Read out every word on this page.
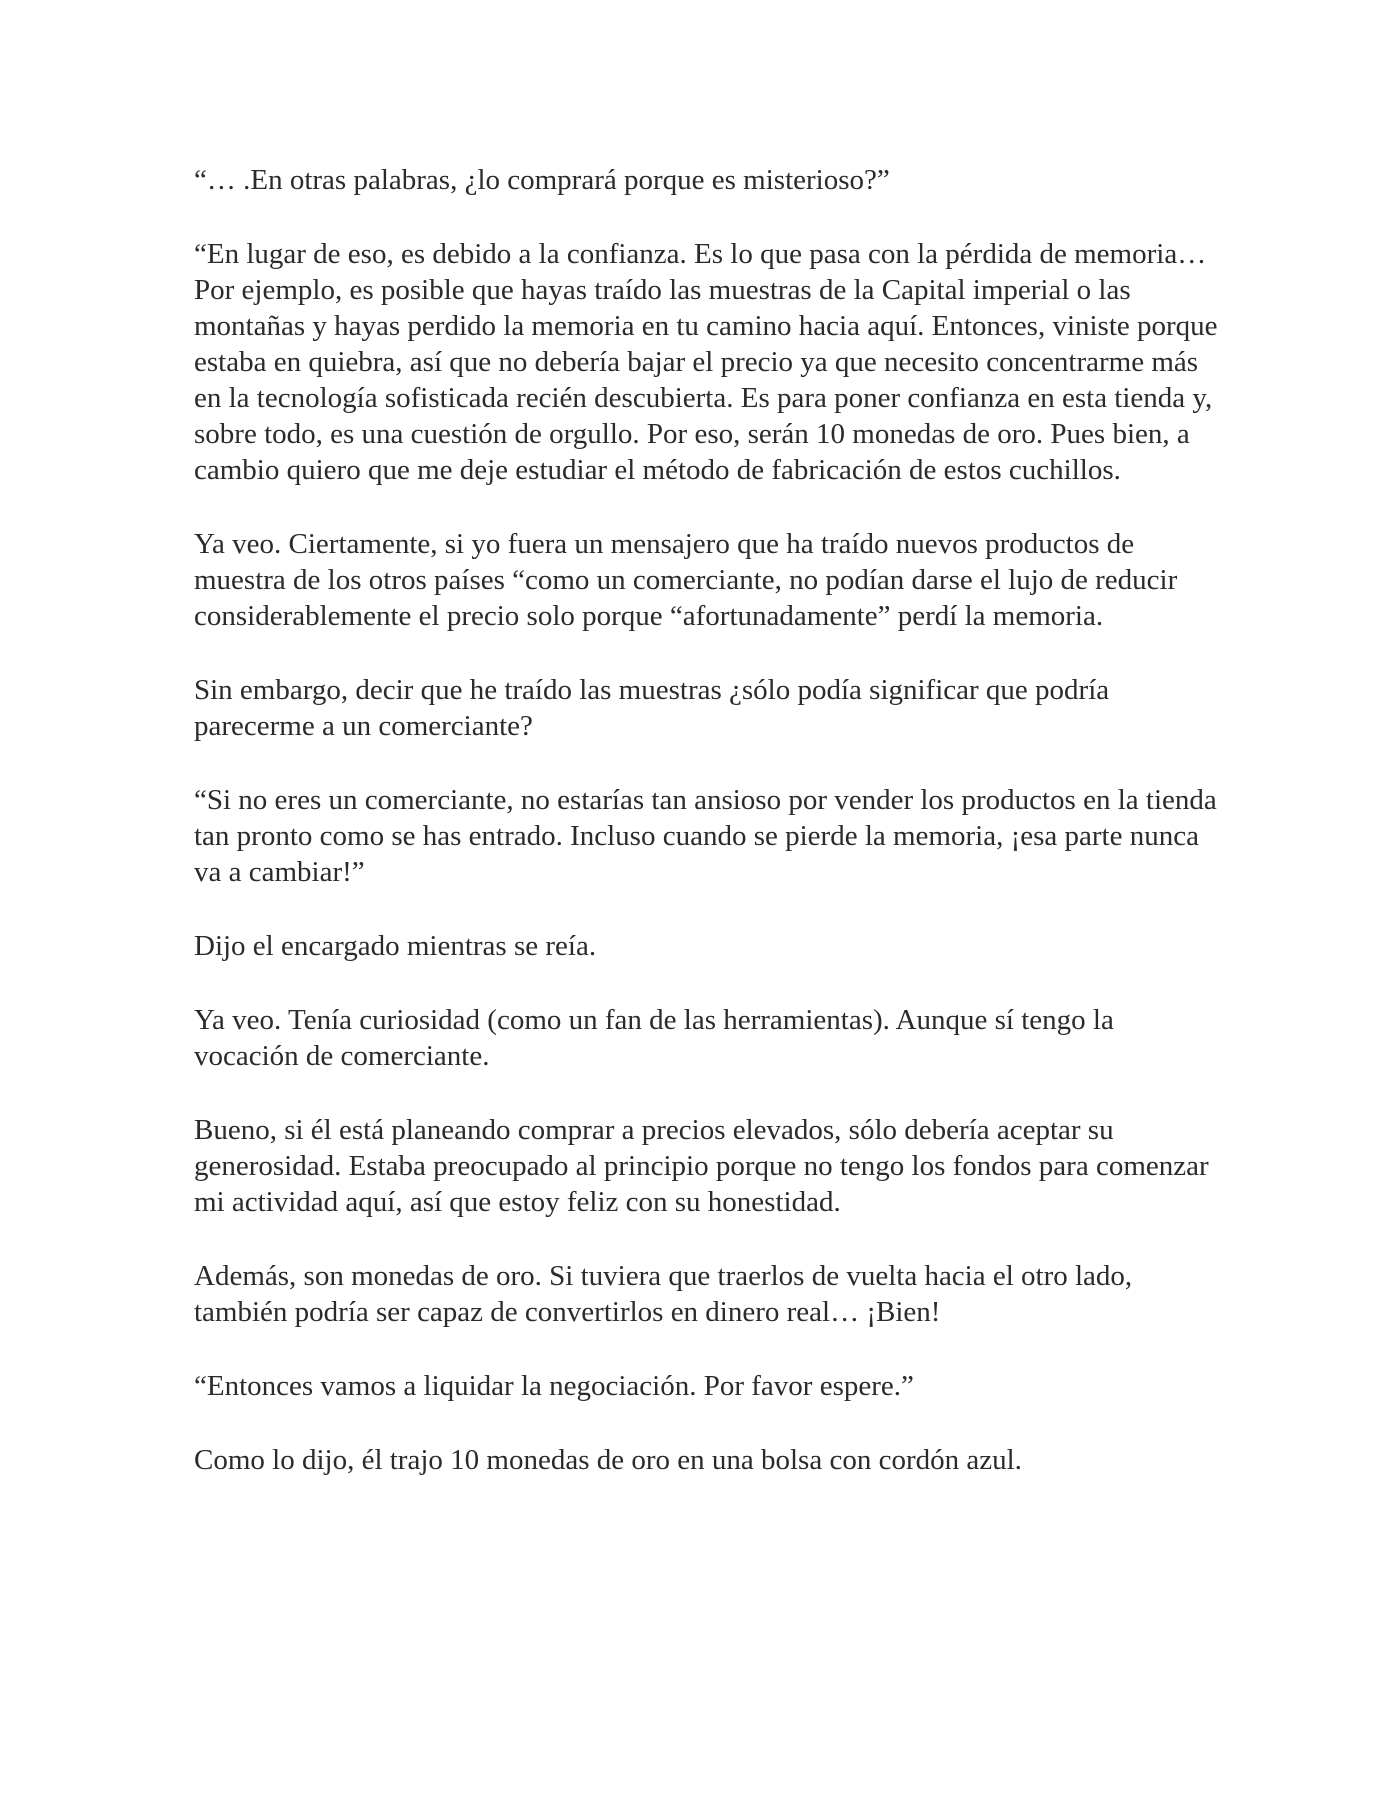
“… .En otras palabras, ¿lo comprará porque es misterioso?”

“En lugar de eso, es debido a la confianza. Es lo que pasa con la pérdida de memoria… Por ejemplo, es posible que hayas traído las muestras de la Capital imperial o las montañas y hayas perdido la memoria en tu camino hacia aquí. Entonces, viniste porque estaba en quiebra, así que no debería bajar el precio ya que necesito concentrarme más en la tecnología sofisticada recién descubierta. Es para poner confianza en esta tienda y, sobre todo, es una cuestión de orgullo. Por eso, serán 10 monedas de oro. Pues bien, a cambio quiero que me deje estudiar el método de fabricación de estos cuchillos.

Ya veo. Ciertamente, si yo fuera un mensajero que ha traído nuevos productos de muestra de los otros países “como un comerciante, no podían darse el lujo de reducir considerablemente el precio solo porque “afortunadamente” perdí la memoria.

Sin embargo, decir que he traído las muestras ¿sólo podía significar que podría parecerme a un comerciante?

“Si no eres un comerciante, no estarías tan ansioso por vender los productos en la tienda tan pronto como se has entrado. Incluso cuando se pierde la memoria, ¡esa parte nunca va a cambiar!”

Dijo el encargado mientras se reía.

Ya veo. Tenía curiosidad (como un fan de las herramientas). Aunque sí tengo la vocación de comerciante.

Bueno, si él está planeando comprar a precios elevados, sólo debería aceptar su generosidad. Estaba preocupado al principio porque no tengo los fondos para comenzar mi actividad aquí, así que estoy feliz con su honestidad.

Además, son monedas de oro. Si tuviera que traerlos de vuelta hacia el otro lado, también podría ser capaz de convertirlos en dinero real… ¡Bien!

“Entonces vamos a liquidar la negociación. Por favor espere.”

Como lo dijo, él trajo 10 monedas de oro en una bolsa con cordón azul.
